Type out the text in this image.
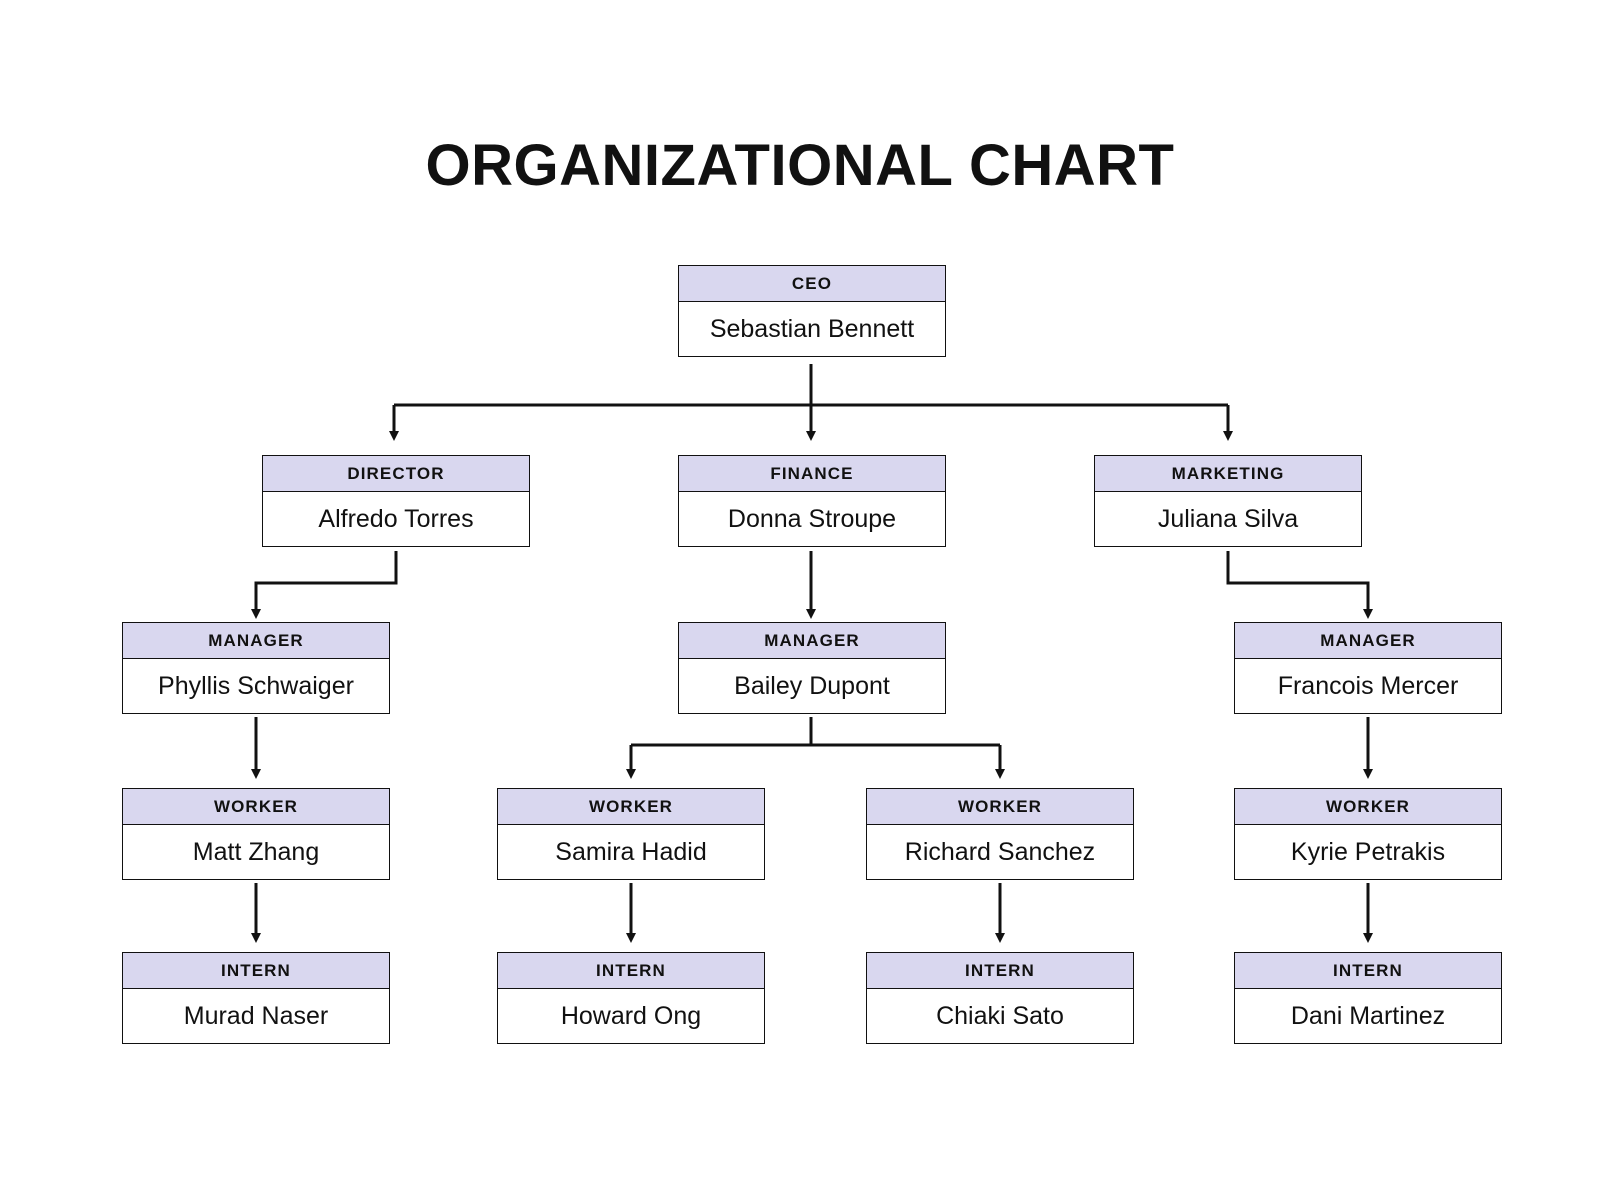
ORGANIZATIONAL CHART
CEO
Sebastian Bennett
DIRECTOR
Alfredo Torres
FINANCE
Donna Stroupe
MARKETING
Juliana Silva
MANAGER
Phyllis Schwaiger
MANAGER
Bailey Dupont
MANAGER
Francois Mercer
WORKER
Matt Zhang
WORKER
Samira Hadid
WORKER
Richard Sanchez
WORKER
Kyrie Petrakis
INTERN
Murad Naser
INTERN
Howard Ong
INTERN
Chiaki Sato
INTERN
Dani Martinez
